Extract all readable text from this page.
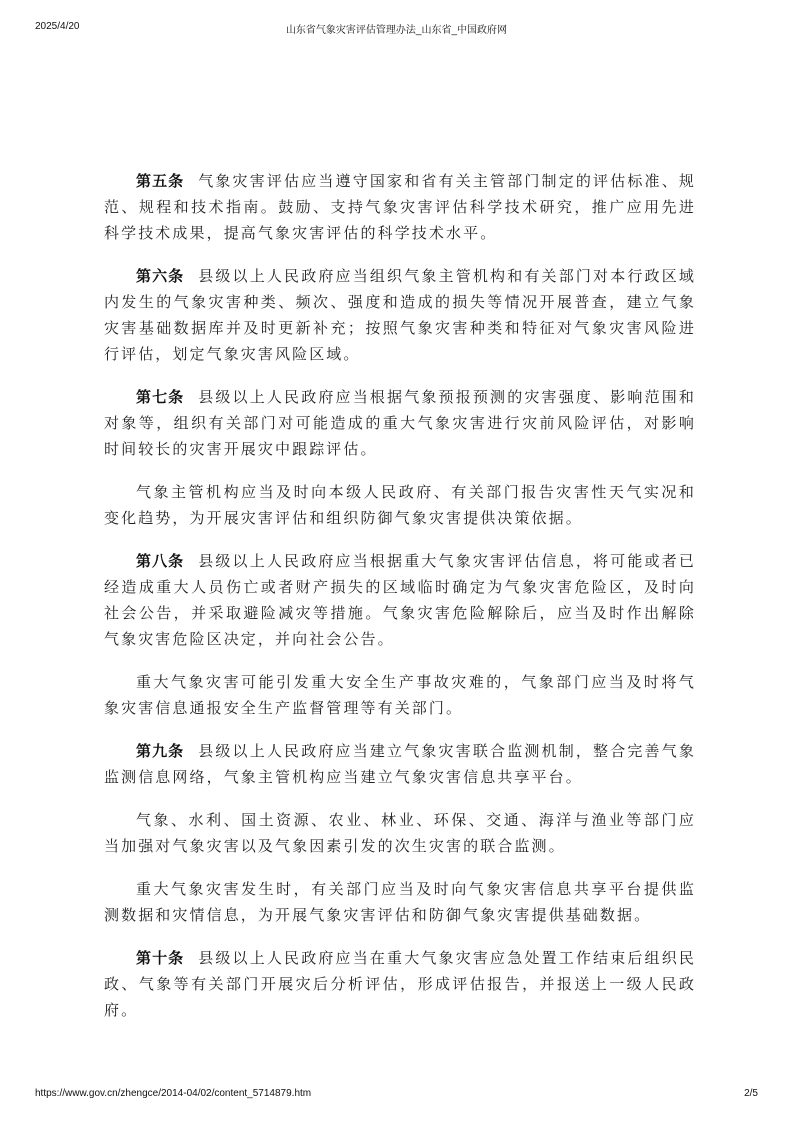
2025/4/20	山东省气象灾害评估管理办法_山东省_中国政府网

第五条 气象灾害评估应当遵守国家和省有关主管部门制定的评估标准、规范、规程和技术指南。鼓励、支持气象灾害评估科学技术研究，推广应用先进科学技术成果，提高气象灾害评估的科学技术水平。

第六条 县级以上人民政府应当组织气象主管机构和有关部门对本行政区域内发生的气象灾害种类、频次、强度和造成的损失等情况开展普查，建立气象灾害基础数据库并及时更新补充；按照气象灾害种类和特征对气象灾害风险进行评估，划定气象灾害风险区域。

第七条 县级以上人民政府应当根据气象预报预测的灾害强度、影响范围和对象等，组织有关部门对可能造成的重大气象灾害进行灾前风险评估，对影响时间较长的灾害开展灾中跟踪评估。

气象主管机构应当及时向本级人民政府、有关部门报告灾害性天气实况和变化趋势，为开展灾害评估和组织防御气象灾害提供决策依据。

第八条 县级以上人民政府应当根据重大气象灾害评估信息，将可能或者已经造成重大人员伤亡或者财产损失的区域临时确定为气象灾害危险区，及时向社会公告，并采取避险减灾等措施。气象灾害危险解除后，应当及时作出解除气象灾害危险区决定，并向社会公告。

重大气象灾害可能引发重大安全生产事故灾难的，气象部门应当及时将气象灾害信息通报安全生产监督管理等有关部门。

第九条 县级以上人民政府应当建立气象灾害联合监测机制，整合完善气象监测信息网络，气象主管机构应当建立气象灾害信息共享平台。

气象、水利、国土资源、农业、林业、环保、交通、海洋与渔业等部门应当加强对气象灾害以及气象因素引发的次生灾害的联合监测。

重大气象灾害发生时，有关部门应当及时向气象灾害信息共享平台提供监测数据和灾情信息，为开展气象灾害评估和防御气象灾害提供基础数据。

第十条 县级以上人民政府应当在重大气象灾害应急处置工作结束后组织民政、气象等有关部门开展灾后分析评估，形成评估报告，并报送上一级人民政府。

https://www.gov.cn/zhengce/2014-04/02/content_5714879.htm	2/5
